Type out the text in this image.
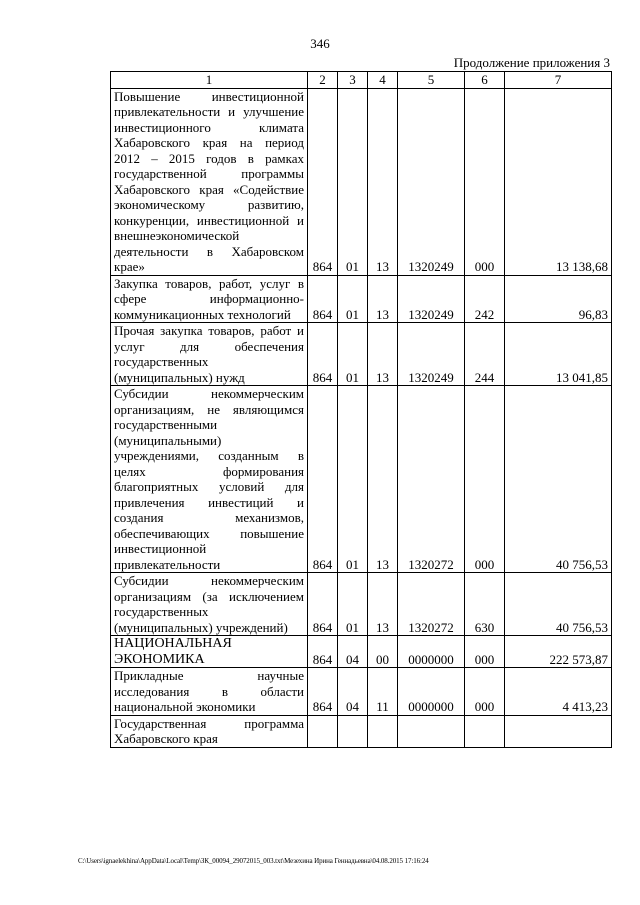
346
Продолжение приложения 3
1	2	3	4	5	6	7
Повышение инвестиционной привлекательности и улучшение инвестиционного климата Хабаровского края на период 2012 – 2015 годов в рамках государственной программы Хабаровского края «Содействие экономическому развитию, конкуренции, инвестиционной и внешнеэкономической деятельности в Хабаровском крае»	864	01	13	1320249	000	13 138,68
Закупка товаров, работ, услуг в сфере информационно-коммуникационных технологий	864	01	13	1320249	242	96,83
Прочая закупка товаров, работ и услуг для обеспечения государственных (муниципальных) нужд	864	01	13	1320249	244	13 041,85
Субсидии некоммерческим организациям, не являющимся государственными (муниципальными) учреждениями, созданным в целях формирования благоприятных условий для привлечения инвестиций и создания механизмов, обеспечивающих повышение инвестиционной привлекательности	864	01	13	1320272	000	40 756,53
Субсидии некоммерческим организациям (за исключением государственных (муниципальных) учреждений)	864	01	13	1320272	630	40 756,53
НАЦИОНАЛЬНАЯ ЭКОНОМИКА	864	04	00	0000000	000	222 573,87
Прикладные научные исследования в области национальной экономики	864	04	11	0000000	000	4 413,23
Государственная программа Хабаровского края						
C:\Users\ignaelekhina\AppData\Local\Temp\ЗК_00094_29072015_003.txt\Мезехина Ирина Геннадьевна\04.08.2015 17:16:24
